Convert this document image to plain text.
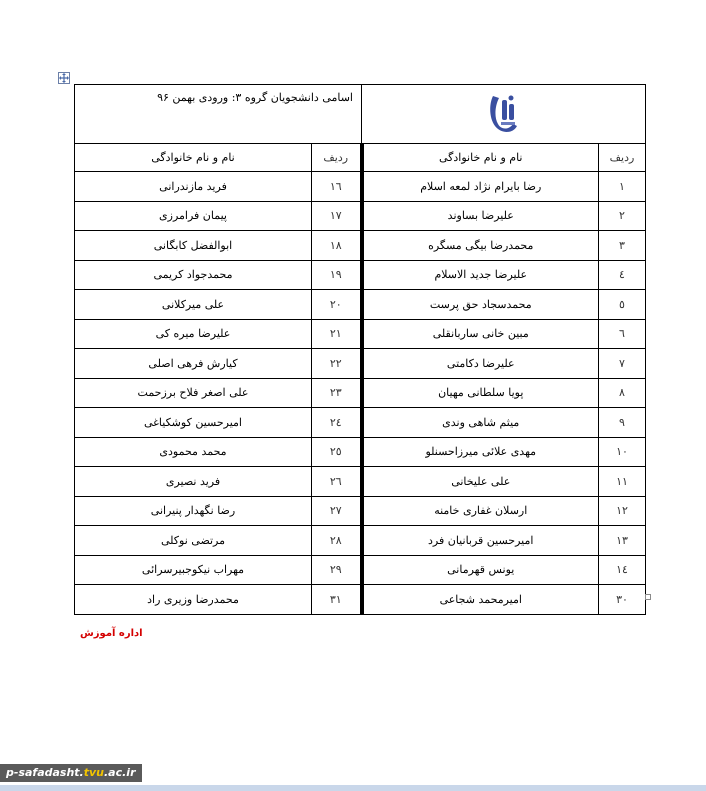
	اسامی دانشجویان گروه ۳: ورودی بهمن ۹۶	
ردیف	نام و نام خانوادگی	ردیف	نام و نام خانوادگی
۱	رضا بایرام نژاد لمعه اسلام	۱٦	فرید مازندرانی
۲	علیرضا بساوند	۱۷	پیمان فرامرزی
۳	محمدرضا بیگی مسگره	۱۸	ابوالفضل کابگانی
٤	علیرضا جدید الاسلام	۱۹	محمدجواد کریمی
٥	محمدسجاد حق پرست	۲۰	علی میرکلانی
٦	مبین خانی ساربانقلی	۲۱	علیرضا میره کی
۷	علیرضا دکامتی	۲۲	کیارش فرهی اصلی
۸	پویا سلطانی مهیان	۲۳	علی اصغر فلاح برزحمت
۹	میثم شاهی وندی	۲٤	امیرحسین کوشکیاغی
۱۰	مهدی علائی میرزاحسنلو	۲٥	محمد محمودی
۱۱	علی علیخانی	۲٦	فرید نصیری
۱۲	ارسلان غفاری خامنه	۲۷	رضا نگهدار پنیرانی
۱۳	امیرحسین قربانیان فرد	۲۸	مرتضی نوکلی
۱٤	یونس قهرمانی	۲۹	مهراب نیکوجبیرسرائی
۳۰	امیرمحمد شجاعی	۳۱	محمدرضا وزیری راد
اداره آموزش
p-safadasht.tvu.ac.ir
